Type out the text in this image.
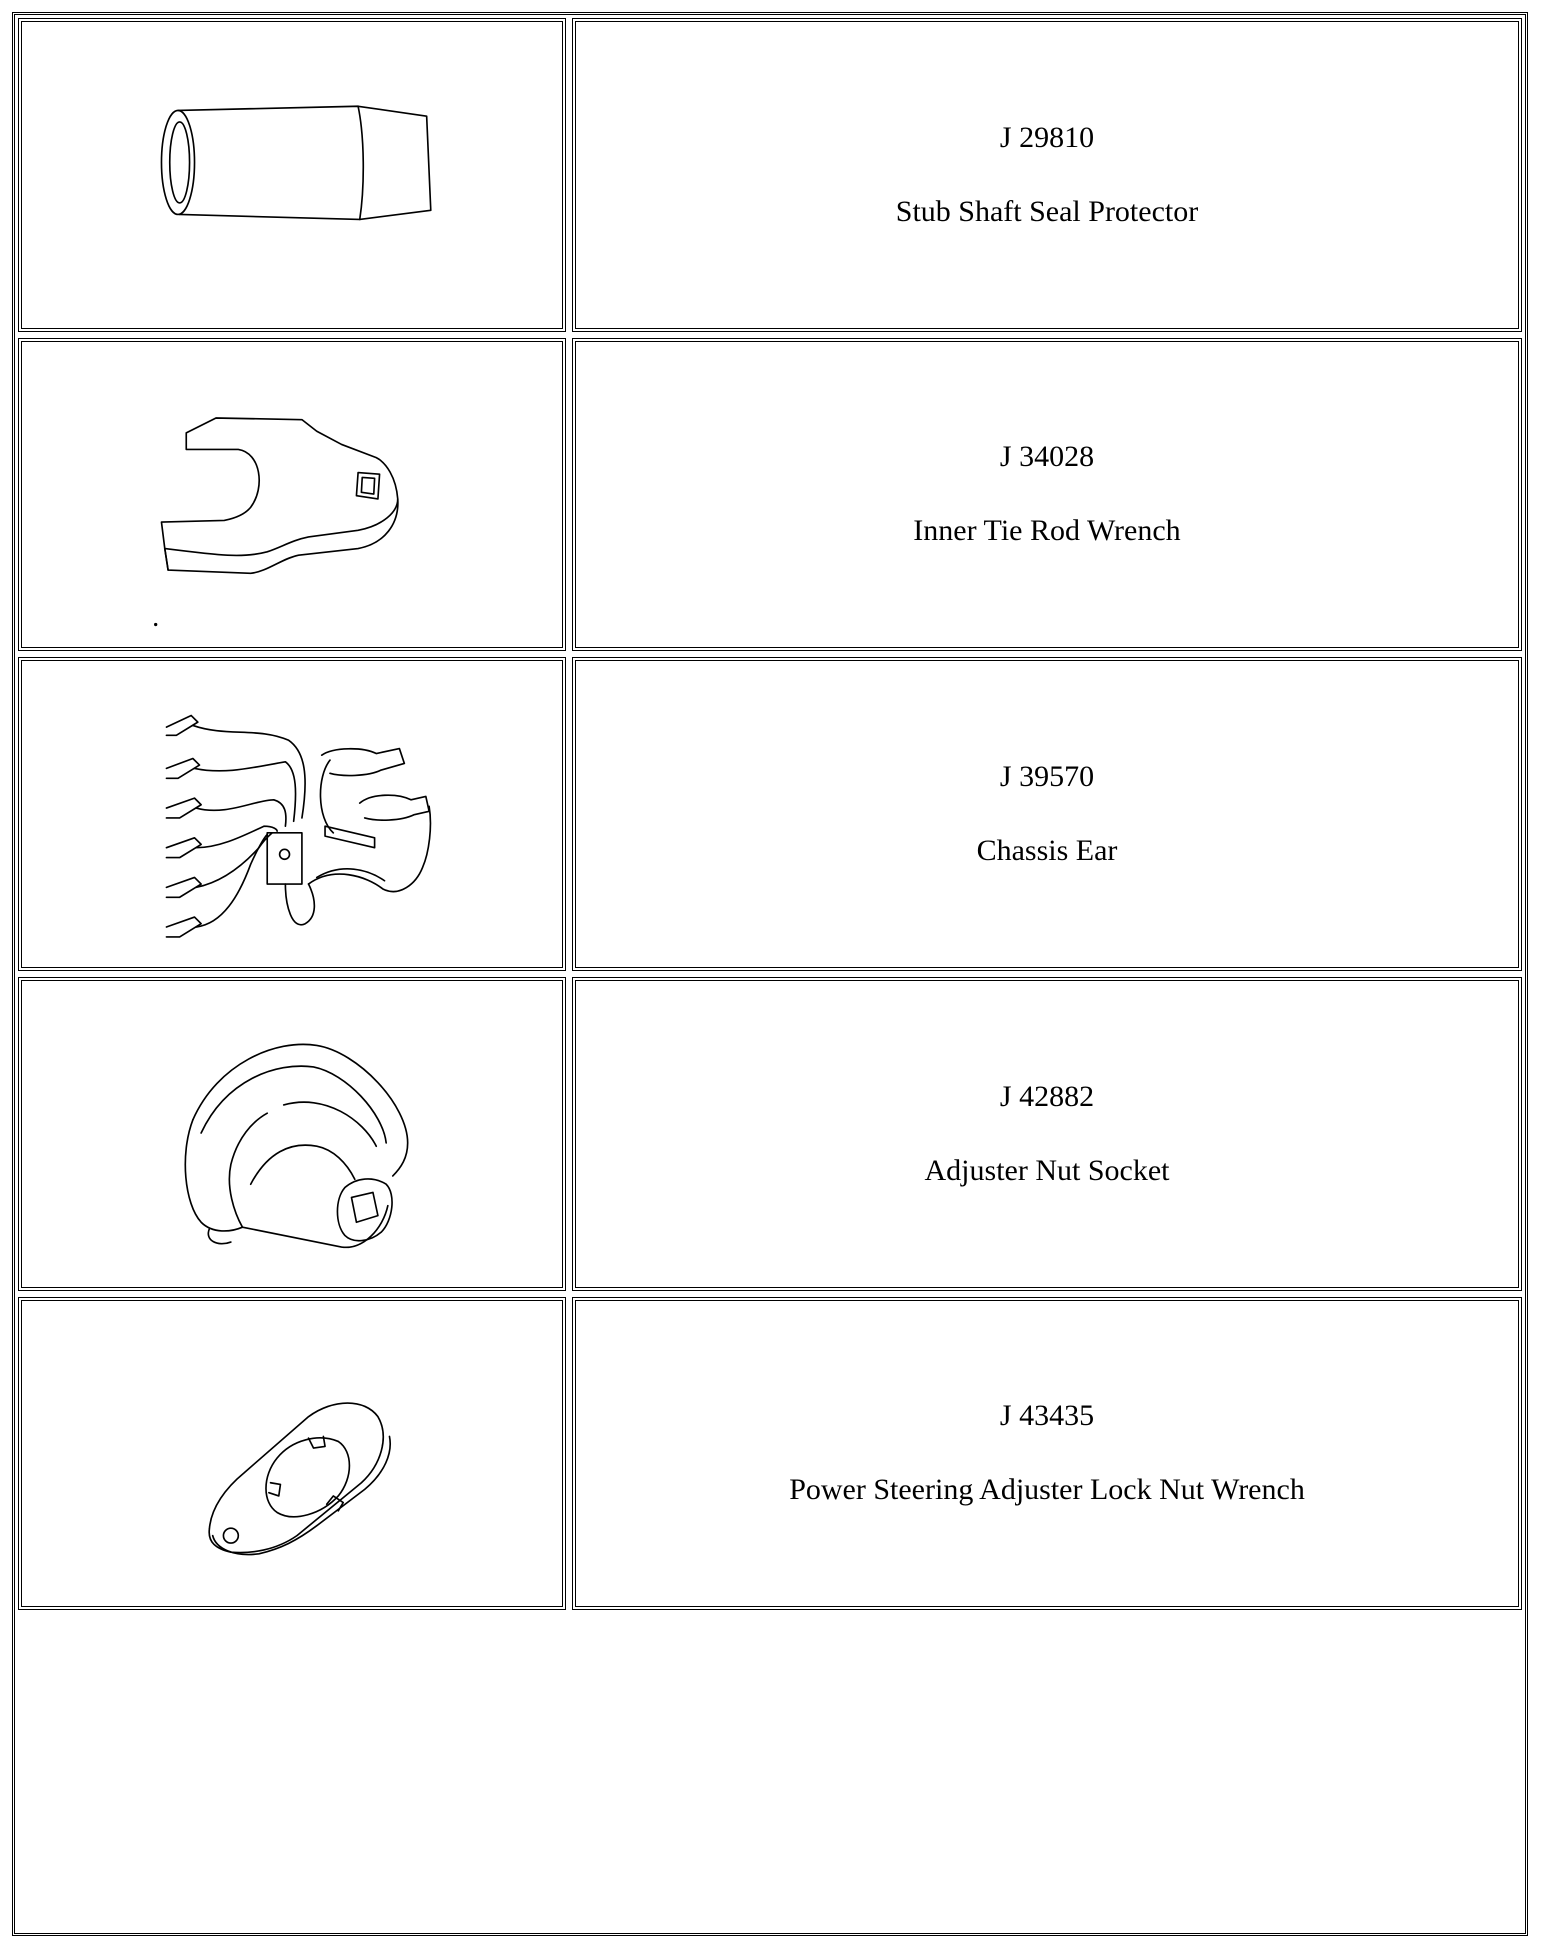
J 29810
Stub Shaft Seal Protector
J 34028
Inner Tie Rod Wrench
J 39570
Chassis Ear
J 42882
Adjuster Nut Socket
J 43435
Power Steering Adjuster Lock Nut Wrench
